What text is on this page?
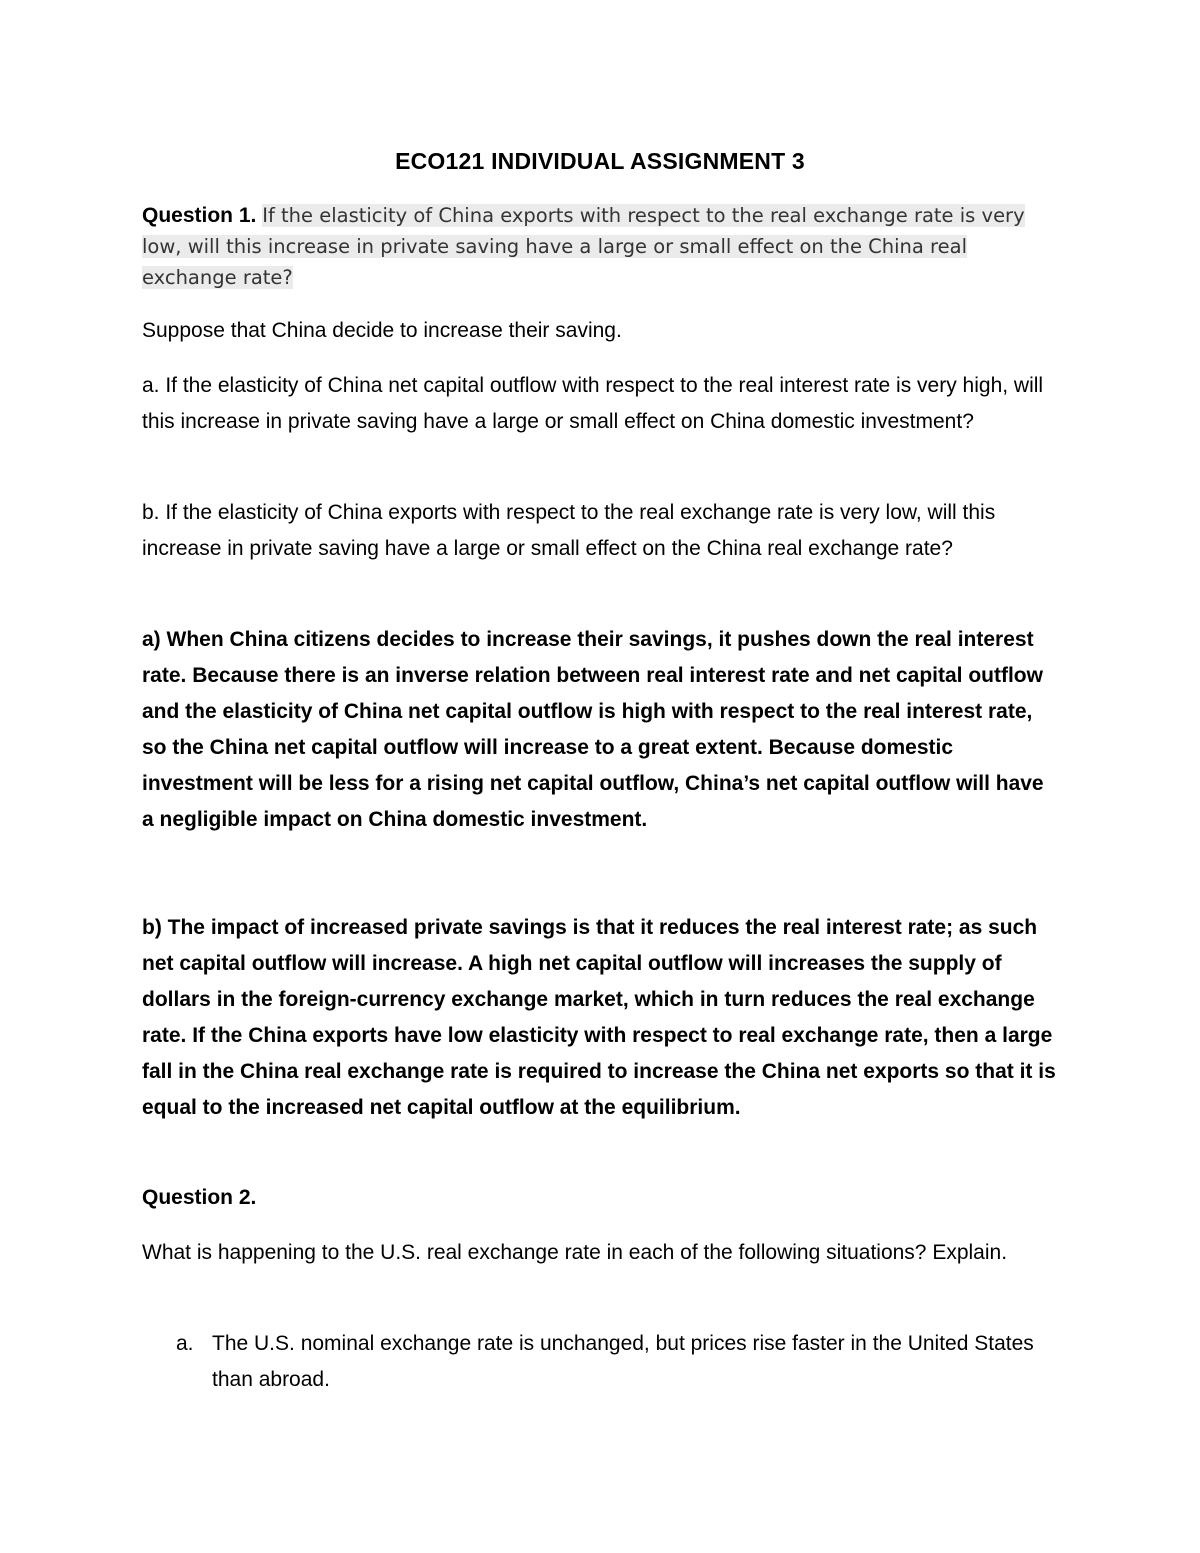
ECO121 INDIVIDUAL ASSIGNMENT 3
Question 1. If the elasticity of China exports with respect to the real exchange rate is very low, will this increase in private saving have a large or small effect on the China real exchange rate?
Suppose that China decide to increase their saving.
a. If the elasticity of China net capital outflow with respect to the real interest rate is very high, will this increase in private saving have a large or small effect on China domestic investment?
b. If the elasticity of China exports with respect to the real exchange rate is very low, will this increase in private saving have a large or small effect on the China real exchange rate?
a) When China citizens decides to increase their savings, it pushes down the real interest rate. Because there is an inverse relation between real interest rate and net capital outflow and the elasticity of China net capital outflow is high with respect to the real interest rate, so the China net capital outflow will increase to a great extent. Because domestic investment will be less for a rising net capital outflow, China’s net capital outflow will have a negligible impact on China domestic investment.
b) The impact of increased private savings is that it reduces the real interest rate; as such net capital outflow will increase. A high net capital outflow will increases the supply of dollars in the foreign-currency exchange market, which in turn reduces the real exchange rate. If the China exports have low elasticity with respect to real exchange rate, then a large fall in the China real exchange rate is required to increase the China net exports so that it is equal to the increased net capital outflow at the equilibrium.
Question 2.
What is happening to the U.S. real exchange rate in each of the following situations? Explain.
a. The U.S. nominal exchange rate is unchanged, but prices rise faster in the United States than abroad.
